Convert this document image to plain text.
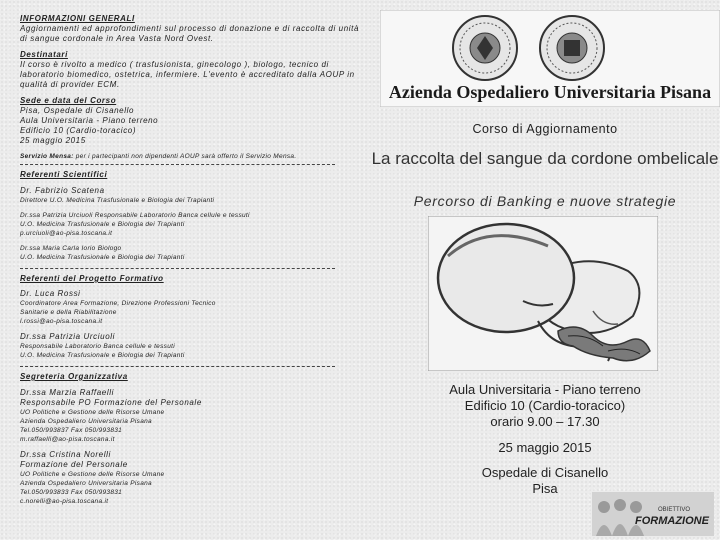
INFORMAZIONI GENERALI
Aggiornamenti ed approfondimenti sul processo di donazione e di raccolta di unità di sangue cordonale in Area Vasta Nord Ovest.
Destinatari
Il corso è rivolto a medico ( trasfusionista, ginecologo ), biologo, tecnico di laboratorio biomedico, ostetrica, infermiere. L'evento è accreditato dalla AOUP in qualità di provider ECM.
Sede e data del Corso
Pisa, Ospedale di Cisanello
Aula Universitaria - Piano terreno
Edificio 10 (Cardio-toracico)
25 maggio 2015
Servizio Mensa: per i partecipanti non dipendenti AOUP sarà offerto il Servizio Mensa.
Referenti Scientifici
Dr. Fabrizio Scatena
Direttore U.O. Medicina Trasfusionale e Biologia dei Trapianti
Dr.ssa Patrizia Urciuoli Responsabile Laboratorio Banca cellule e tessuti
U.O. Medicina Trasfusionale e Biologia dei Trapianti
p.urciuoli@ao-pisa.toscana.it
Dr.ssa Maria Carla Iorio Biologo
U.O. Medicina Trasfusionale e Biologia dei Trapianti
Referenti del Progetto Formativo
Dr. Luca Rossi
Coordinatore Area Formazione, Direzione Professioni Tecnico
Sanitarie e della Riabilitazione
l.rossi@ao-pisa.toscana.it
Dr.ssa Patrizia Urciuoli
Responsabile Laboratorio Banca cellule e tessuti
U.O. Medicina Trasfusionale e Biologia dei Trapianti
Segreteria Organizzativa
Dr.ssa Marzia Raffaelli
Responsabile PO Formazione del Personale
UO Politiche e Gestione delle Risorse Umane
Azienda Ospedaliero Universitaria Pisana
Tel.050/993837 Fax 050/993831
m.raffaelli@ao-pisa.toscana.it
Dr.ssa Cristina Norelli
Formazione del Personale
UO Politiche e Gestione delle Risorse Umane
Azienda Ospedaliero Universitaria Pisana
Tel.050/993833 Fax 050/993831
c.norelli@ao-pisa.toscana.it
Azienda Ospedaliero Universitaria Pisana
Corso di Aggiornamento
La raccolta del sangue da cordone ombelicale
Percorso di Banking e nuove strategie
Aula Universitaria - Piano terreno
Edificio 10 (Cardio-toracico)
orario 9.00 – 17.30
25 maggio 2015
Ospedale di Cisanello
Pisa
OBIETTIVO
FORMAZIONE
